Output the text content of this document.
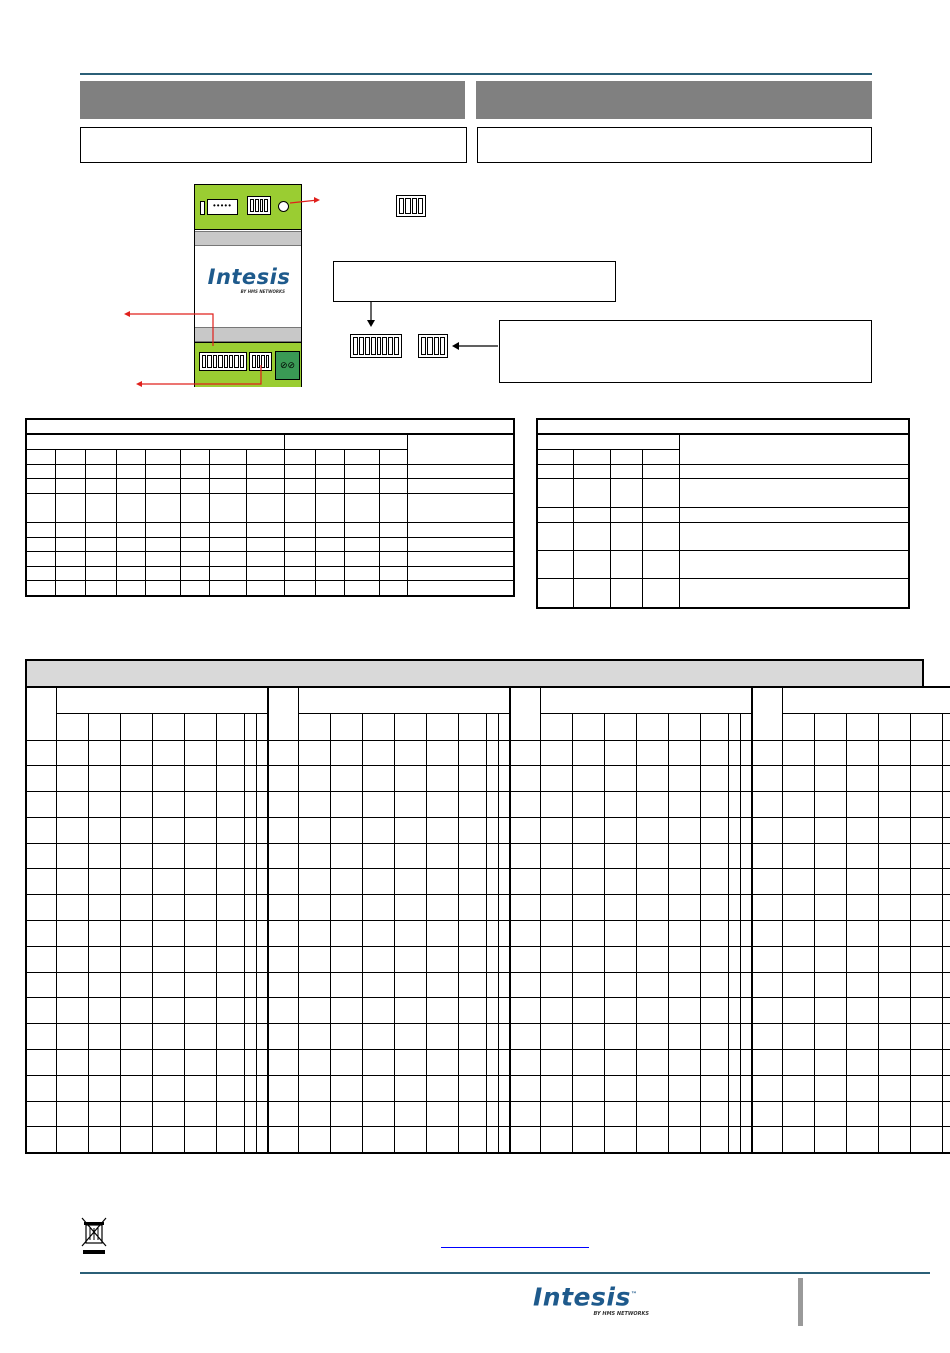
•••••
Intesis
BY HMS NETWORKS
⊘⊘

Intesis™
BY HMS NETWORKS
